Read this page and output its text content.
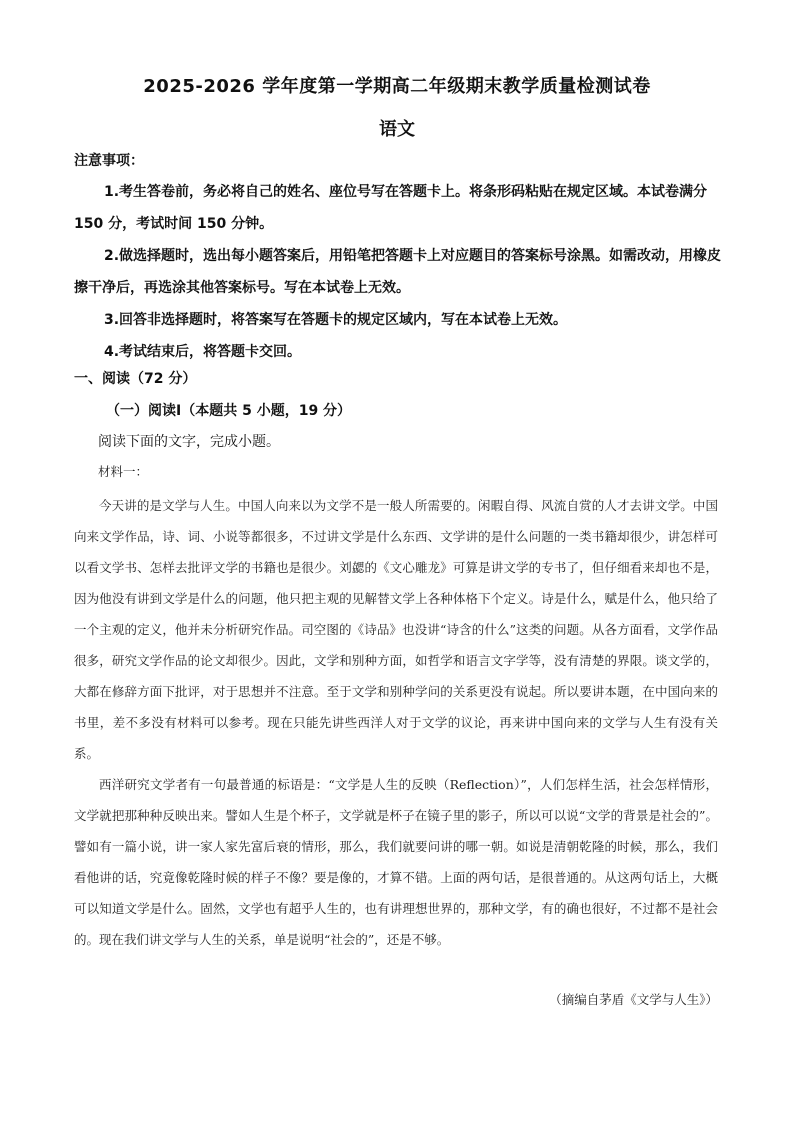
2025-2026 学年度第一学期高二年级期末教学质量检测试卷
语文
注意事项：

1.考生答卷前，务必将自己的姓名、座位号写在答题卡上。将条形码粘贴在规定区域。本试卷满分 150 分，考试时间 150 分钟。

2.做选择题时，选出每小题答案后，用铅笔把答题卡上对应题目的答案标号涂黑。如需改动，用橡皮擦干净后，再选涂其他答案标号。写在本试卷上无效。

3.回答非选择题时，将答案写在答题卡的规定区域内，写在本试卷上无效。

4.考试结束后，将答题卡交回。

一、阅读（72 分）
（一）阅读Ⅰ（本题共 5 小题，19 分）
阅读下面的文字，完成小题。
材料一：

今天讲的是文学与人生。中国人向来以为文学不是一般人所需要的。闲暇自得、风流自赏的人才去讲文学。中国向来文学作品，诗、词、小说等都很多，不过讲文学是什么东西、文学讲的是什么问题的一类书籍却很少，讲怎样可以看文学书、怎样去批评文学的书籍也是很少。刘勰的《文心雕龙》可算是讲文学的专书了，但仔细看来却也不是，因为他没有讲到文学是什么的问题，他只把主观的见解替文学上各种体格下个定义。诗是什么，赋是什么，他只给了一个主观的定义，他并未分析研究作品。司空图的《诗品》也没讲“诗含的什么”这类的问题。从各方面看，文学作品很多，研究文学作品的论文却很少。因此，文学和别种方面，如哲学和语言文字学等，没有清楚的界限。谈文学的，大都在修辞方面下批评，对于思想并不注意。至于文学和别种学问的关系更没有说起。所以要讲本题，在中国向来的书里，差不多没有材料可以参考。现在只能先讲些西洋人对于文学的议论，再来讲中国向来的文学与人生有没有关系。

西洋研究文学者有一句最普通的标语是：“文学是人生的反映（Reflection）”，人们怎样生活，社会怎样情形，文学就把那种种反映出来。譬如人生是个杯子，文学就是杯子在镜子里的影子，所以可以说“文学的背景是社会的”。譬如有一篇小说，讲一家人家先富后衰的情形，那么，我们就要问讲的哪一朝。如说是清朝乾隆的时候，那么，我们看他讲的话，究竟像乾隆时候的样子不像？要是像的，才算不错。上面的两句话，是很普通的。从这两句话上，大概可以知道文学是什么。固然，文学也有超乎人生的，也有讲理想世界的，那种文学，有的确也很好，不过都不是社会的。现在我们讲文学与人生的关系，单是说明“社会的”，还是不够。

（摘编自茅盾《文学与人生》）
